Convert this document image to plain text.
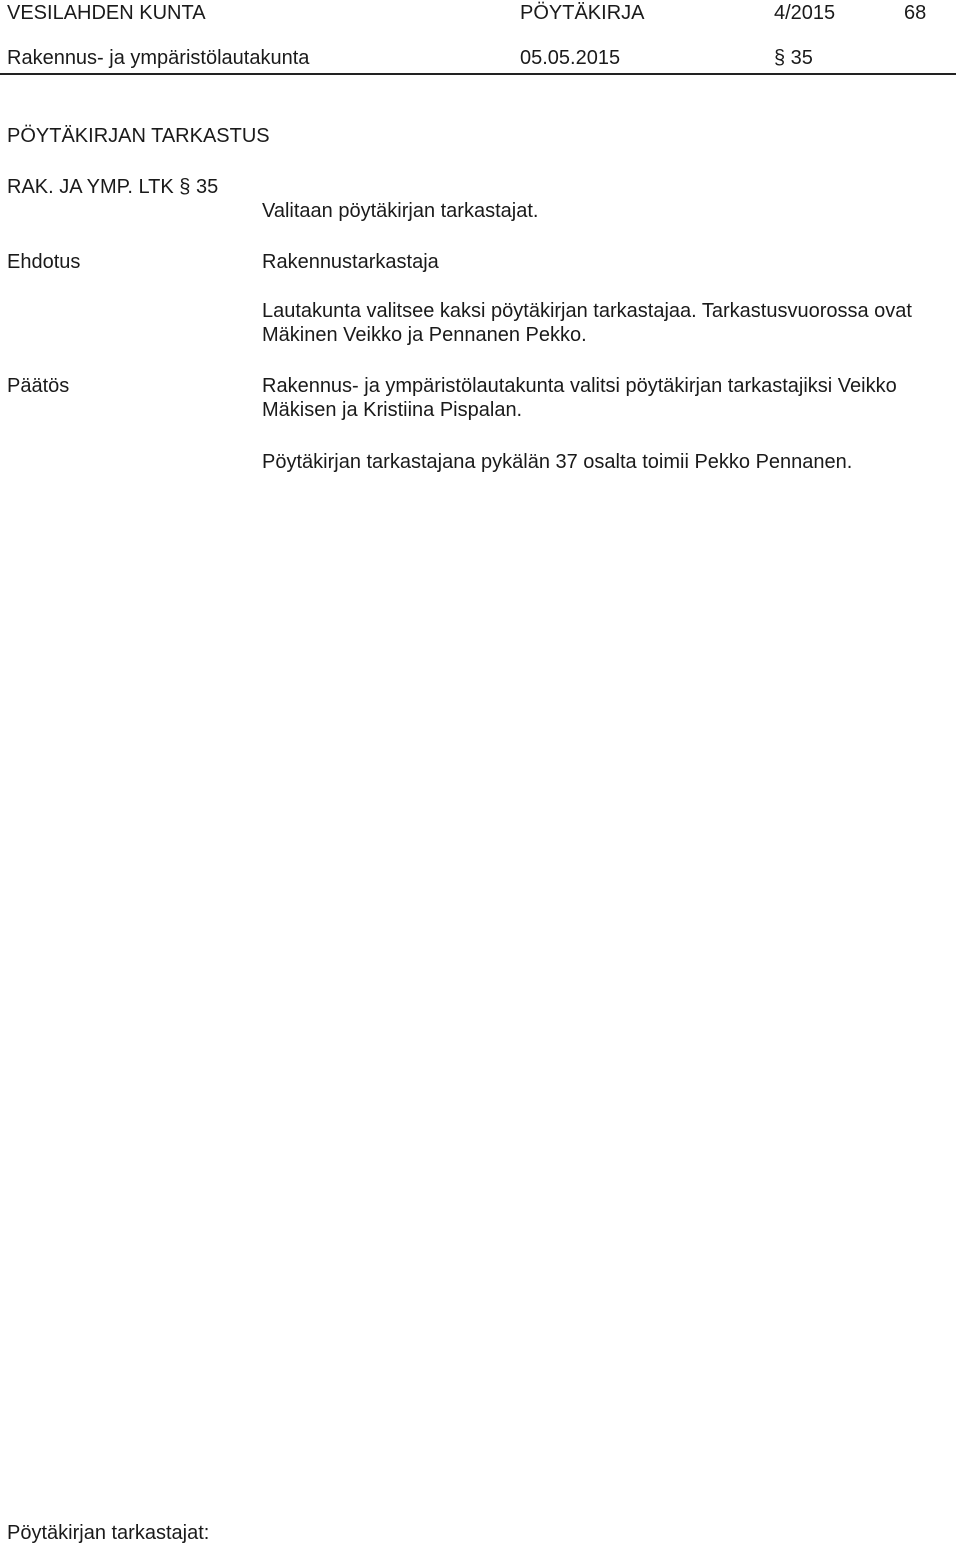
VESILAHDEN KUNTA	PÖYTÄKIRJA	4/2015	68
Rakennus- ja ympäristölautakunta	05.05.2015	§ 35
PÖYTÄKIRJAN TARKASTUS
RAK. JA YMP. LTK § 35
Valitaan pöytäkirjan tarkastajat.
Ehdotus	Rakennustarkastaja
Lautakunta valitsee kaksi pöytäkirjan tarkastajaa. Tarkastusvuorossa ovat Mäkinen Veikko ja Pennanen Pekko.
Päätös	Rakennus- ja ympäristölautakunta valitsi pöytäkirjan tarkastajiksi Veikko Mäkisen ja Kristiina Pispalan.
Pöytäkirjan tarkastajana pykälän 37 osalta toimii Pekko Pennanen.
Pöytäkirjan tarkastajat:
